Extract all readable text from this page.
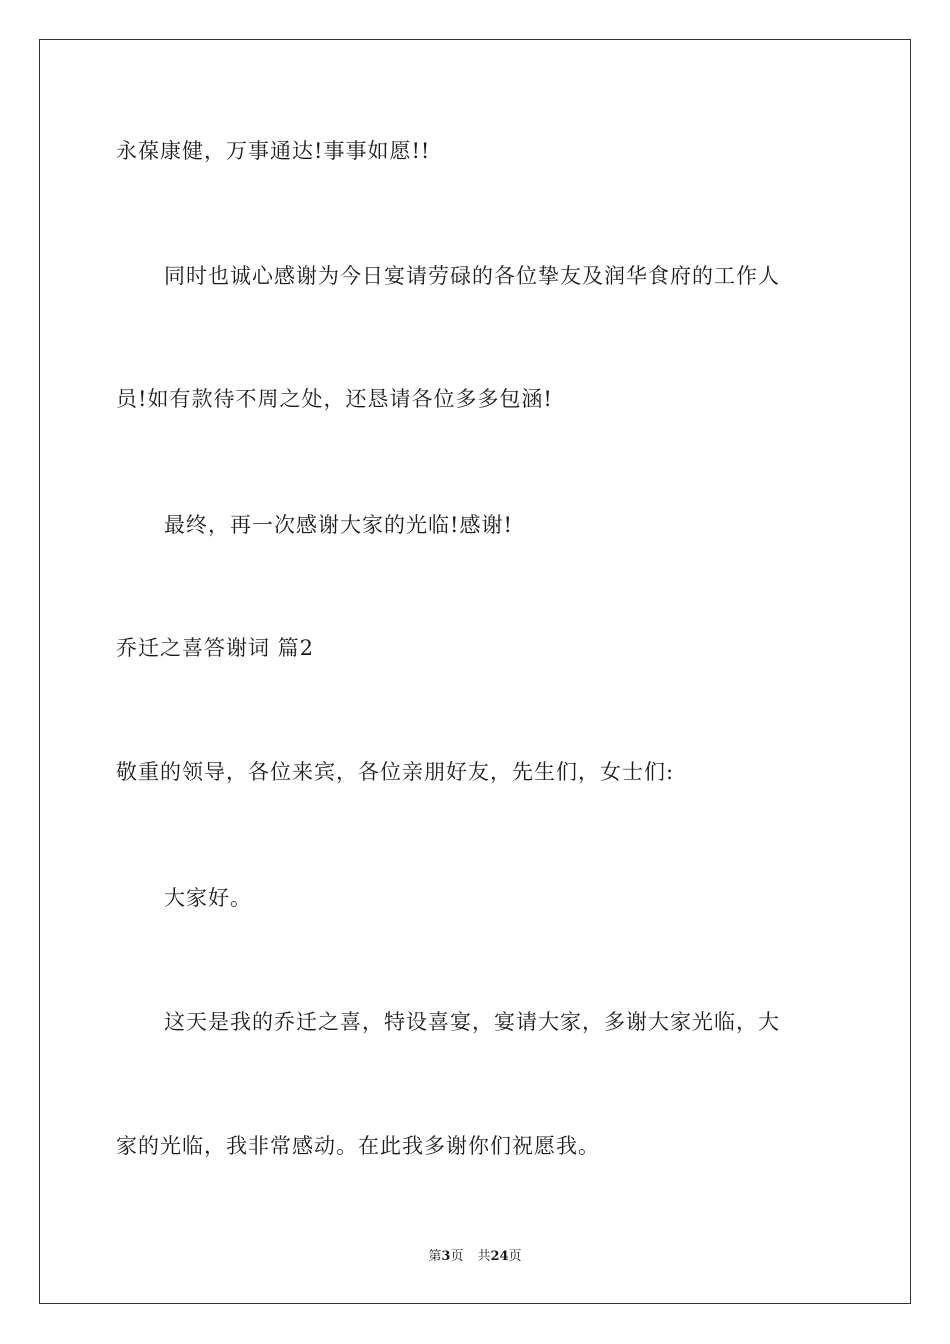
永葆康健，万事通达!事事如愿!!
同时也诚心感谢为今日宴请劳碌的各位挚友及润华食府的工作人
员!如有款待不周之处，还恳请各位多多包涵!
最终，再一次感谢大家的光临!感谢!
乔迁之喜答谢词 篇2
敬重的领导，各位来宾，各位亲朋好友，先生们，女士们:
大家好。
这天是我的乔迁之喜，特设喜宴，宴请大家，多谢大家光临，大
家的光临，我非常感动。在此我多谢你们祝愿我。
第3页 共24页
